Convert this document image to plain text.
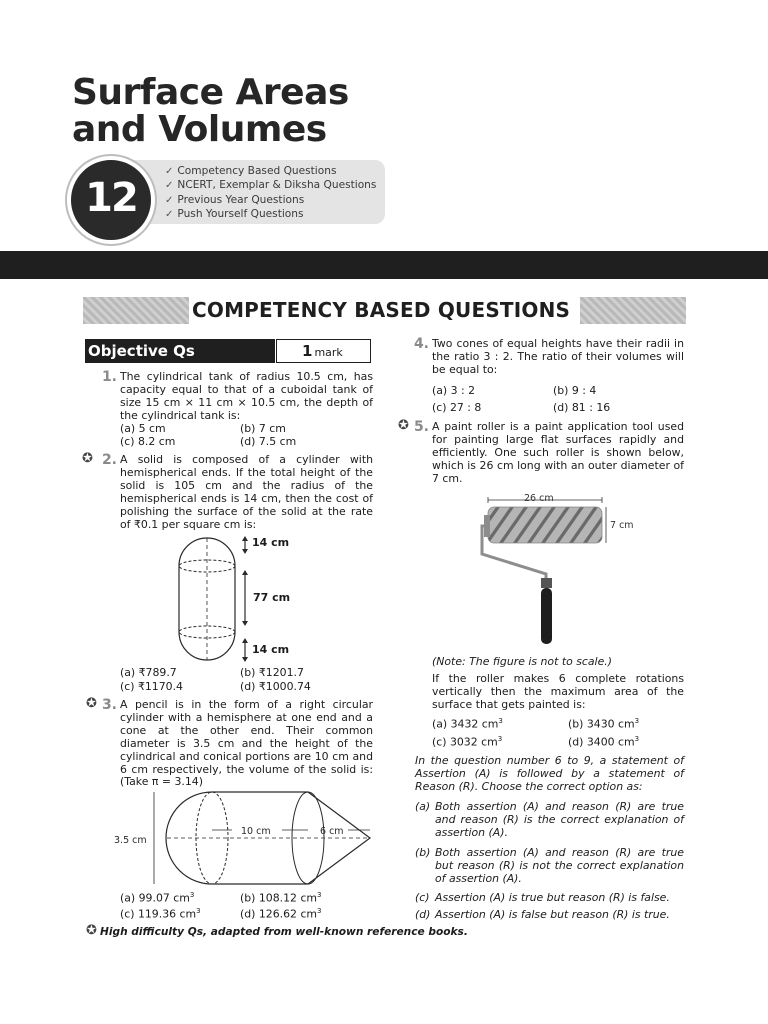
Surface Areas
and Volumes
12
✓ Competency Based Questions
✓ NCERT, Exemplar & Diksha Questions
✓ Previous Year Questions
✓ Push Yourself Questions
COMPETENCY BASED QUESTIONS
Objective Qs	1 mark
1. The cylindrical tank of radius 10.5 cm, has capacity equal to that of a cuboidal tank of size 15 cm × 11 cm × 10.5 cm, the depth of the cylindrical tank is:
(a) 5 cm	(b) 7 cm
(c) 8.2 cm	(d) 7.5 cm
✪ 2. A solid is composed of a cylinder with hemispherical ends. If the total height of the solid is 105 cm and the radius of the hemispherical ends is 14 cm, then the cost of polishing the surface of the solid at the rate of ₹0.1 per square cm is:
14 cm
77 cm
14 cm
(a) ₹789.7	(b) ₹1201.7
(c) ₹1170.4	(d) ₹1000.74
✪ 3. A pencil is in the form of a right circular cylinder with a hemisphere at one end and a cone at the other end. Their common diameter is 3.5 cm and the height of the cylindrical and conical portions are 10 cm and 6 cm respectively, the volume of the solid is: (Take π = 3.14)
3.5 cm
10 cm	6 cm
(a) 99.07 $cm^3$	(b) 108.12 $cm^3$
(c) 119.36 $cm^3$	(d) 126.62 $cm^3$
✪ High difficulty Qs, adapted from well-known reference books.
4. Two cones of equal heights have their radii in the ratio 3 : 2. The ratio of their volumes will be equal to:
(a) 3 : 2	(b) 9 : 4
(c) 27 : 8	(d) 81 : 16
✪ 5. A paint roller is a paint application tool used for painting large flat surfaces rapidly and efficiently. One such roller is shown below, which is 26 cm long with an outer diameter of 7 cm.
26 cm
7 cm
(Note: The figure is not to scale.)
If the roller makes 6 complete rotations vertically then the maximum area of the surface that gets painted is:
(a) 3432 $cm^3$	(b) 3430 $cm^3$
(c) 3032 $cm^3$	(d) 3400 $cm^3$
In the question number 6 to 9, a statement of Assertion (A) is followed by a statement of Reason (R). Choose the correct option as:
(a) Both assertion (A) and reason (R) are true and reason (R) is the correct explanation of assertion (A).
(b) Both assertion (A) and reason (R) are true but reason (R) is not the correct explanation of assertion (A).
(c) Assertion (A) is true but reason (R) is false.
(d) Assertion (A) is false but reason (R) is true.
